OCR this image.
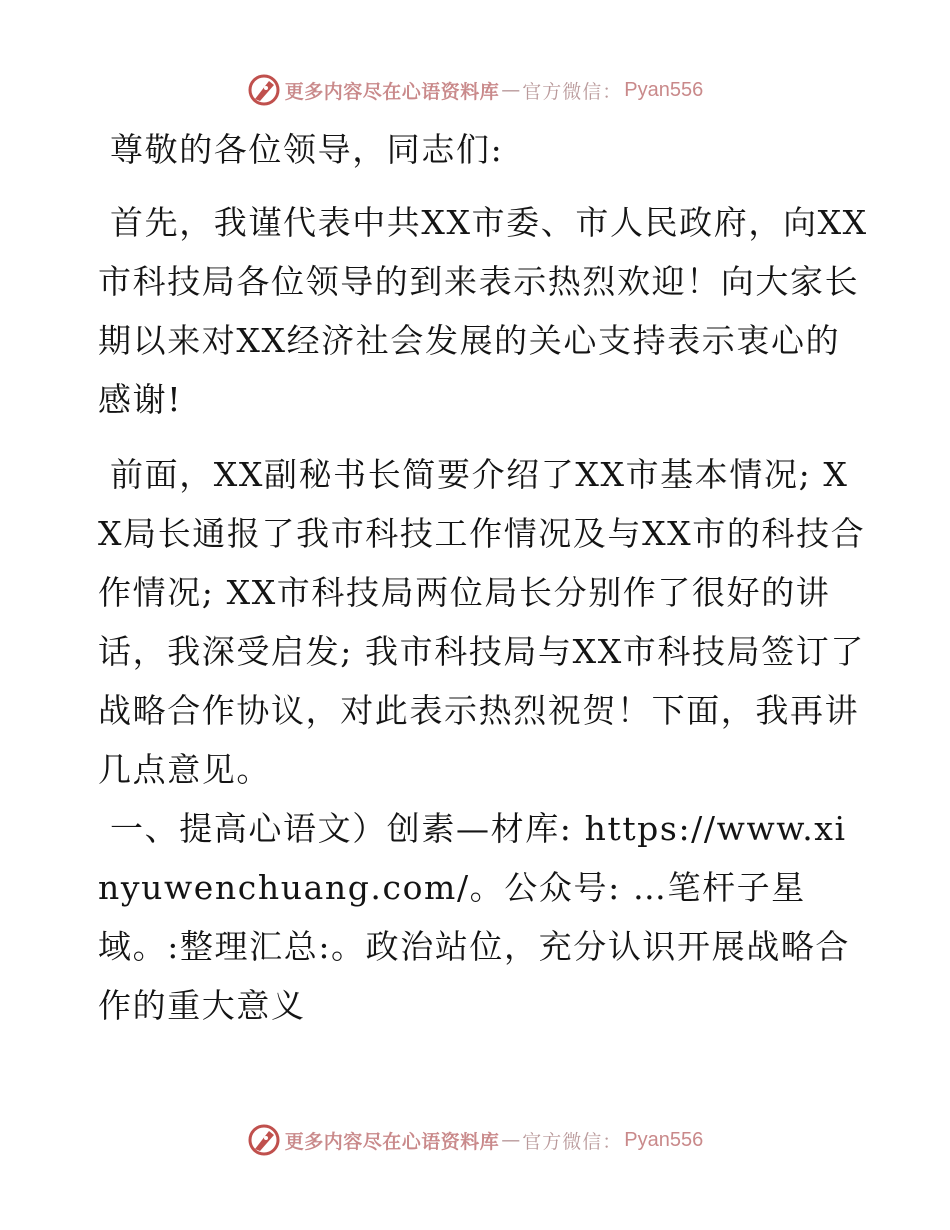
更多内容尽在心语资料库 — 官方微信： Pyan556

尊敬的各位领导，同志们:

首先，我谨代表中共XX市委、市人民政府，向XX市科技局各位领导的到来表示热烈欢迎！向大家长期以来对XX经济社会发展的关心支持表示衷心的感谢!

前面，XX副秘书长简要介绍了XX市基本情况; XX局长通报了我市科技工作情况及与XX市的科技合作情况; XX市科技局两位局长分别作了很好的讲话，我深受启发; 我市科技局与XX市科技局签订了战略合作协议，对此表示热烈祝贺！下面，我再讲几点意见。

一、提高心语文）创素—材库: https://www.xinyuwenchuang.com/。公众号: …笔杆子星域。:整理汇总:。政治站位，充分认识开展战略合作的重大意义

更多内容尽在心语资料库 — 官方微信： Pyan556
